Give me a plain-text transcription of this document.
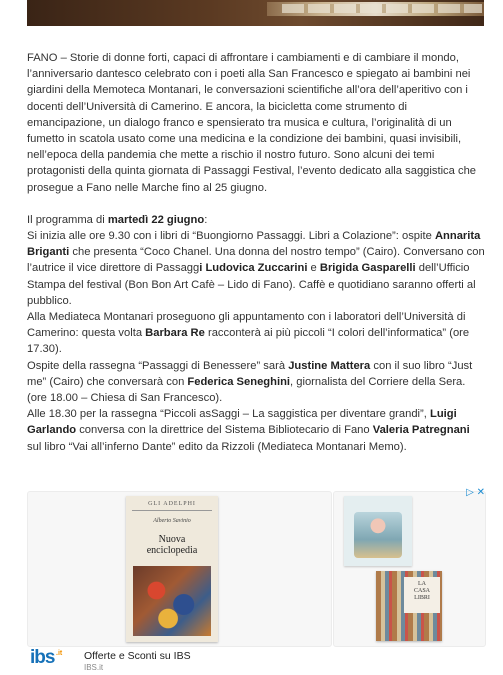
FANO – Storie di donne forti, capaci di affrontare i cambiamenti e di cambiare il mondo, l’anniversario dantesco celebrato con i poeti alla San Francesco e spiegato ai bambini nei giardini della Memoteca Montanari, le conversazioni scientifiche all’ora dell’aperitivo con i docenti dell’Università di Camerino. E ancora, la bicicletta come strumento di emancipazione, un dialogo franco e spensierato tra musica e cultura, l’originalità di un fumetto in scatola usato come una medicina e la condizione dei bambini, quasi invisibili, nell’epoca della pandemia che mette a rischio il nostro futuro. Sono alcuni dei temi protagonisti della quinta giornata di Passaggi Festival, l’evento dedicato alla saggistica che prosegue a Fano nelle Marche fino al 25 giugno.

Il programma di martedì 22 giugno:

Si inizia alle ore 9.30 con i libri di “Buongiorno Passaggi. Libri a Colazione”: ospite Annarita Briganti che presenta “Coco Chanel. Una donna del nostro tempo” (Cairo). Conversano con l’autrice il vice direttore di Passaggi Ludovica Zuccarini e Brigida Gasparelli dell’Ufficio Stampa del festival (Bon Bon Art Cafè – Lido di Fano). Caffè e quotidiano saranno offerti al pubblico.

Alla Mediateca Montanari proseguono gli appuntamento con i laboratori dell’Università di Camerino: questa volta Barbara Re racconterà ai più piccoli “I colori dell’informatica” (ore 17.30).

Ospite della rassegna “Passaggi di Benessere” sarà Justine Mattera con il suo libro “Just me” (Cairo) che conversarà con Federica Seneghini, giornalista del Corriere della Sera. (ore 18.00 – Chiesa di San Francesco).

Alle 18.30 per la rassegna “Piccoli asSaggi – La saggistica per diventare grandi”, Luigi Garlando conversa con la direttrice del Sistema Bibliotecario di Fano Valeria Patregnani sul libro “Vai all’inferno Dante” edito da Rizzoli (Mediateca Montanari Memo).

GLI ADELPHI
Alberto Savinio
Nuova
enciclopedia
LA
CASA
LIBRI
▷ ✕
ibs .it Offerte e Sconti su IBS
IBS.it
